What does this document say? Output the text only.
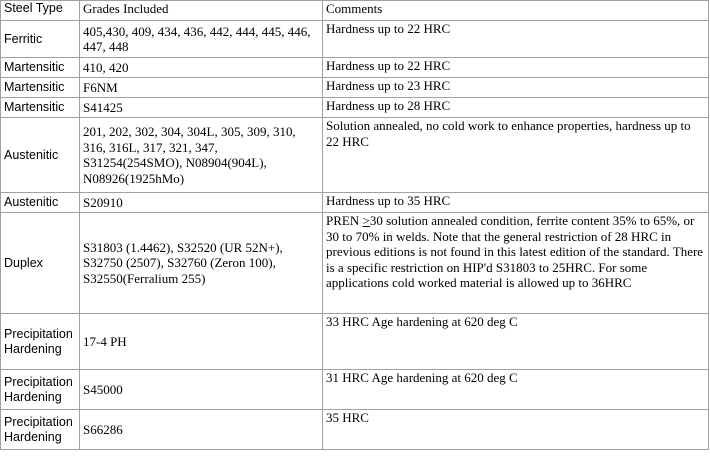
Steel Type	Grades Included	Comments
Ferritic	405,430, 409, 434, 436, 442, 444, 445, 446, 447, 448	Hardness up to 22 HRC
Martensitic	410, 420	Hardness up to 22 HRC
Martensitic	F6NM	Hardness up to 23 HRC
Martensitic	S41425	Hardness up to 28 HRC
Austenitic	201, 202, 302, 304, 304L, 305, 309, 310, 316, 316L, 317, 321, 347, S31254(254SMO), N08904(904L), N08926(1925hMo)	Solution annealed, no cold work to enhance properties, hardness up to 22 HRC
Austenitic	S20910	Hardness up to 35 HRC
Duplex	S31803 (1.4462), S32520 (UR 52N+), S32750 (2507), S32760 (Zeron 100), S32550(Ferralium 255)	PREN ≥30 solution annealed condition, ferrite content 35% to 65%, or 30 to 70% in welds. Note that the general restriction of 28 HRC in previous editions is not found in this latest edition of the standard. There is a specific restriction on HIP'd S31803 to 25HRC. For some applications cold worked material is allowed up to 36HRC
Precipitation Hardening	17-4 PH	33 HRC Age hardening at 620 deg C
Precipitation Hardening	S45000	31 HRC Age hardening at 620 deg C
Precipitation Hardening	S66286	35 HRC
